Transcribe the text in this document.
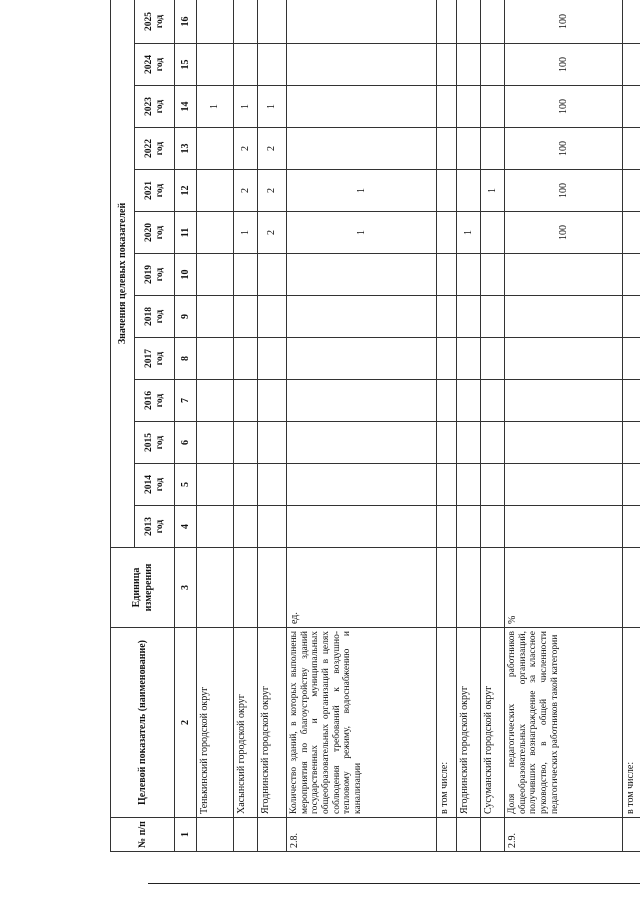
№ п/п	Целевой показатель (наименование)	Единица измерения	Значения целевых показателей												
			2013
год	2014
год	2015
год	2016
год	2017
год	2018
год	2019
год	2020
год	2021
год	2022
год	2023
год	2024
год	2025
год
1	2	3	4	5	6	7	8	9	10	11	12	13	14	15	16
	Тенькинский городской округ												1		
	Хасынский городской округ									1	2	2	1		
	Ягоднинский городской округ									2	2	2	1		
2.8.	Количество зданий, в которых выполнены мероприятия по благоустройству зданий государственных и муниципальных общеобразовательных организаций в целях соблюдения требований к воздушно-тепловому режиму, водоснабжению и канализации	ед.								1	1				
	в том числе:														
	Ягоднинский городской округ									1					
	Сусуманский городской округ										1				
2.9.	Доля педагогических работников общеобразовательных организаций, получивших вознаграждение за классное руководство, в общей численности педагогических работников такой категории	%								100	100	100	100	100	100
	в том числе:														
